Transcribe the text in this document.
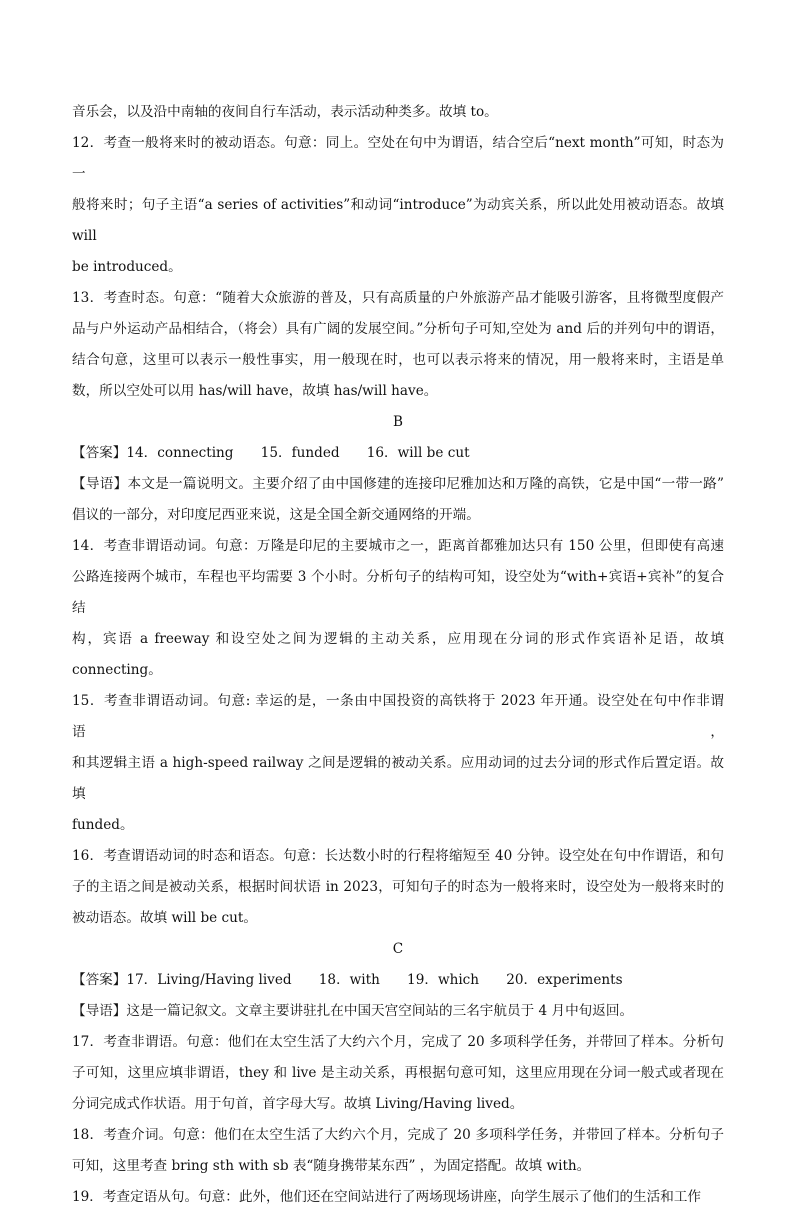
音乐会，以及沿中南轴的夜间自行车活动，表示活动种类多。故填 to。
12．考查一般将来时的被动语态。句意：同上。空处在句中为谓语，结合空后“next month”可知，时态为一
般将来时；句子主语“a series of activities”和动词“introduce”为动宾关系，所以此处用被动语态。故填 will
be introduced。
13．考查时态。句意：“随着大众旅游的普及，只有高质量的户外旅游产品才能吸引游客，且将微型度假产
品与户外运动产品相结合，（将会）具有广阔的发展空间。”分析句子可知,空处为 and 后的并列句中的谓语，
结合句意，这里可以表示一般性事实，用一般现在时，也可以表示将来的情况，用一般将来时，主语是单
数，所以空处可以用 has/will have，故填 has/will have。
B
【答案】14．connecting　　15．funded　　16．will be cut
【导语】本文是一篇说明文。主要介绍了由中国修建的连接印尼雅加达和万隆的高铁，它是中国“一带一路”
倡议的一部分，对印度尼西亚来说，这是全国全新交通网络的开端。
14．考查非谓语动词。句意：万隆是印尼的主要城市之一，距离首都雅加达只有 150 公里，但即使有高速
公路连接两个城市，车程也平均需要 3 个小时。分析句子的结构可知，设空处为“with+宾语+宾补”的复合结
构，宾语 a freeway 和设空处之间为逻辑的主动关系，应用现在分词的形式作宾语补足语，故填 connecting。
15．考查非谓语动词。句意: 幸运的是，一条由中国投资的高铁将于 2023 年开通。设空处在句中作非谓语，
和其逻辑主语 a high-speed railway 之间是逻辑的被动关系。应用动词的过去分词的形式作后置定语。故填
funded。
16．考查谓语动词的时态和语态。句意：长达数小时的行程将缩短至 40 分钟。设空处在句中作谓语，和句
子的主语之间是被动关系，根据时间状语 in 2023，可知句子的时态为一般将来时，设空处为一般将来时的
被动语态。故填 will be cut。
C
【答案】17．Living/Having lived　　18．with　　19．which　　20．experiments
【导语】这是一篇记叙文。文章主要讲驻扎在中国天宫空间站的三名宇航员于 4 月中旬返回。
17．考查非谓语。句意：他们在太空生活了大约六个月，完成了 20 多项科学任务，并带回了样本。分析句
子可知，这里应填非谓语，they 和 live 是主动关系，再根据句意可知，这里应用现在分词一般式或者现在
分词完成式作状语。用于句首，首字母大写。故填 Living/Having lived。
18．考查介词。句意：他们在太空生活了大约六个月，完成了 20 多项科学任务，并带回了样本。分析句子
可知，这里考查 bring sth with sb 表“随身携带某东西” ，为固定搭配。故填 with。
19．考查定语从句。句意：此外，他们还在空间站进行了两场现场讲座，向学生展示了他们的生活和工作
